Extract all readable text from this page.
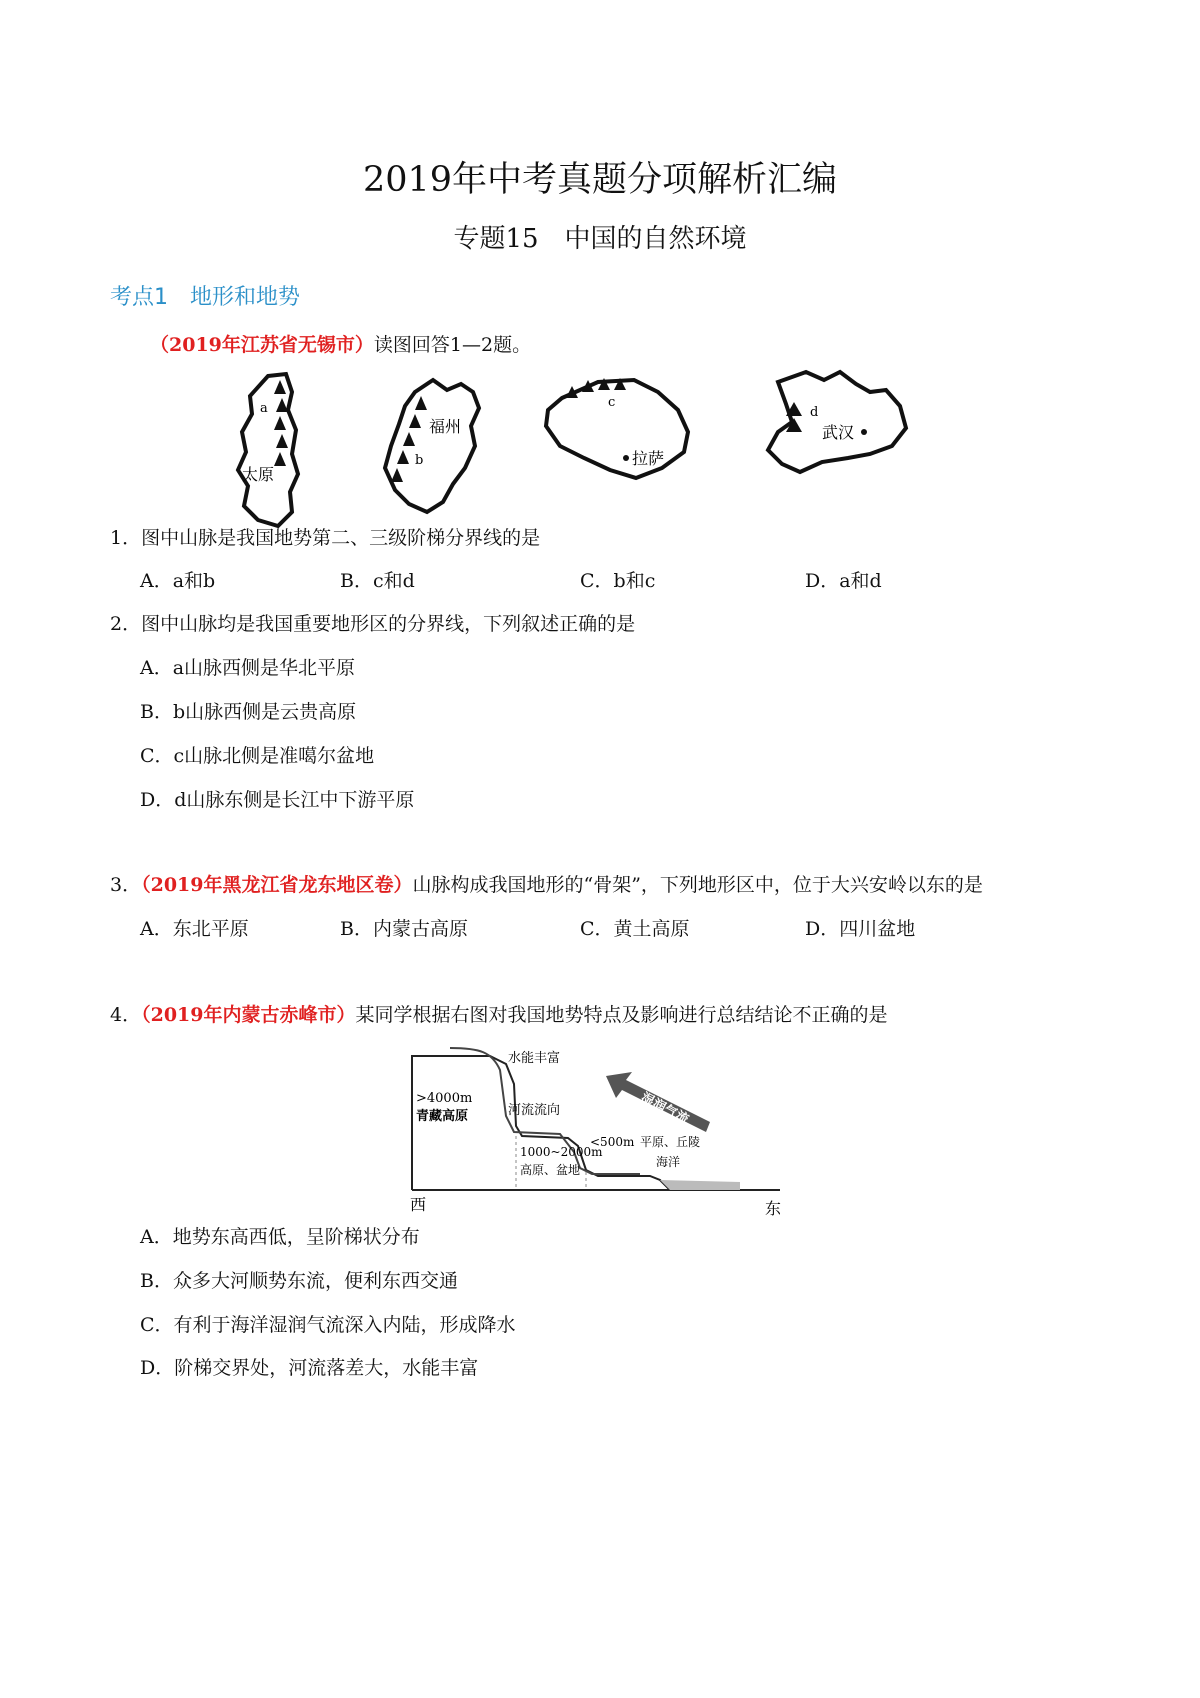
2019年中考真题分项解析汇编
专题15　中国的自然环境
考点1　地形和地势
（2019年江苏省无锡市）读图回答1—2题。
a
太原
福州
b
c
拉萨
d
武汉
1．图中山脉是我国地势第二、三级阶梯分界线的是
A．a和b	B．c和d	C．b和c	D．a和d
2．图中山脉均是我国重要地形区的分界线，下列叙述正确的是
A．a山脉西侧是华北平原
B．b山脉西侧是云贵高原
C．c山脉北侧是准噶尔盆地
D．d山脉东侧是长江中下游平原
3．（2019年黑龙江省龙东地区卷）山脉构成我国地形的“骨架”，下列地形区中，位于大兴安岭以东的是
A．东北平原	B．内蒙古高原	C．黄土高原	D．四川盆地
4．（2019年内蒙古赤峰市）某同学根据右图对我国地势特点及影响进行总结结论不正确的是
湿润气流
水能丰富
河流流向
>4000m
青藏高原
1000~2000m
高原、盆地
<500m 平原、丘陵
海洋
西	东
A．地势东高西低，呈阶梯状分布
B．众多大河顺势东流，便利东西交通
C．有利于海洋湿润气流深入内陆，形成降水
D．阶梯交界处，河流落差大，水能丰富
